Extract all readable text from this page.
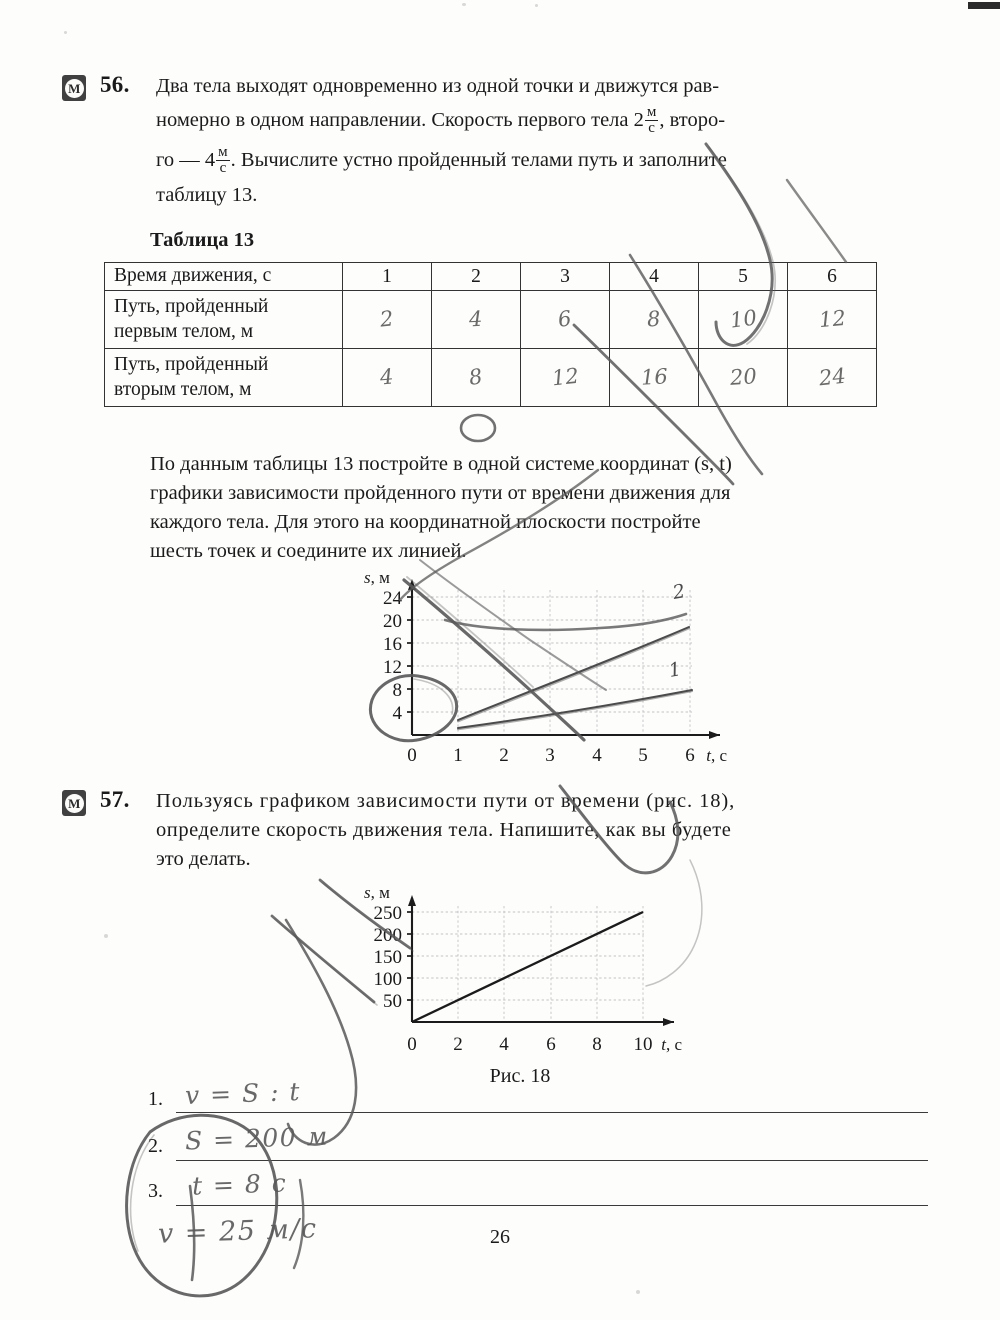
M 56.	Два тела выходят одновременно из одной точки и движутся рав-
номерно в одном направлении. Скорость первого тела $2 \frac{м}{с}$ , второ-
го — $4 \frac{м}{с}$ . Вычислите устно пройденный телами путь и заполните
таблицу 13.
Таблица 13
Время движения, с	1	2	3	4	5	6
Путь, пройденный
первым телом, м	2	4	6	8	10	12
Путь, пройденный
вторым телом, м	4	8	12	16	20	24
По данным таблицы 13 постройте в одной системе координат (s, t)
графики зависимости пройденного пути от времени движения для
каждого тела. Для этого на координатной плоскости постройте
шесть точек и соедините их линией.
2
1
s, м
t, с
24
20
16
12
8
4
0 1 2 3 4 5 6
M 57.	Пользуясь графиком зависимости пути от времени (рис. 18),
определите скорость движения тела. Напишите, как вы будете
это делать.
s, м
t, с
250
200
150
100
50
0 2 4 6 8 10
Рис. 18
1. v = S : t
2. S = 200 м
3. t = 8 с
v = 25 м/с	26
